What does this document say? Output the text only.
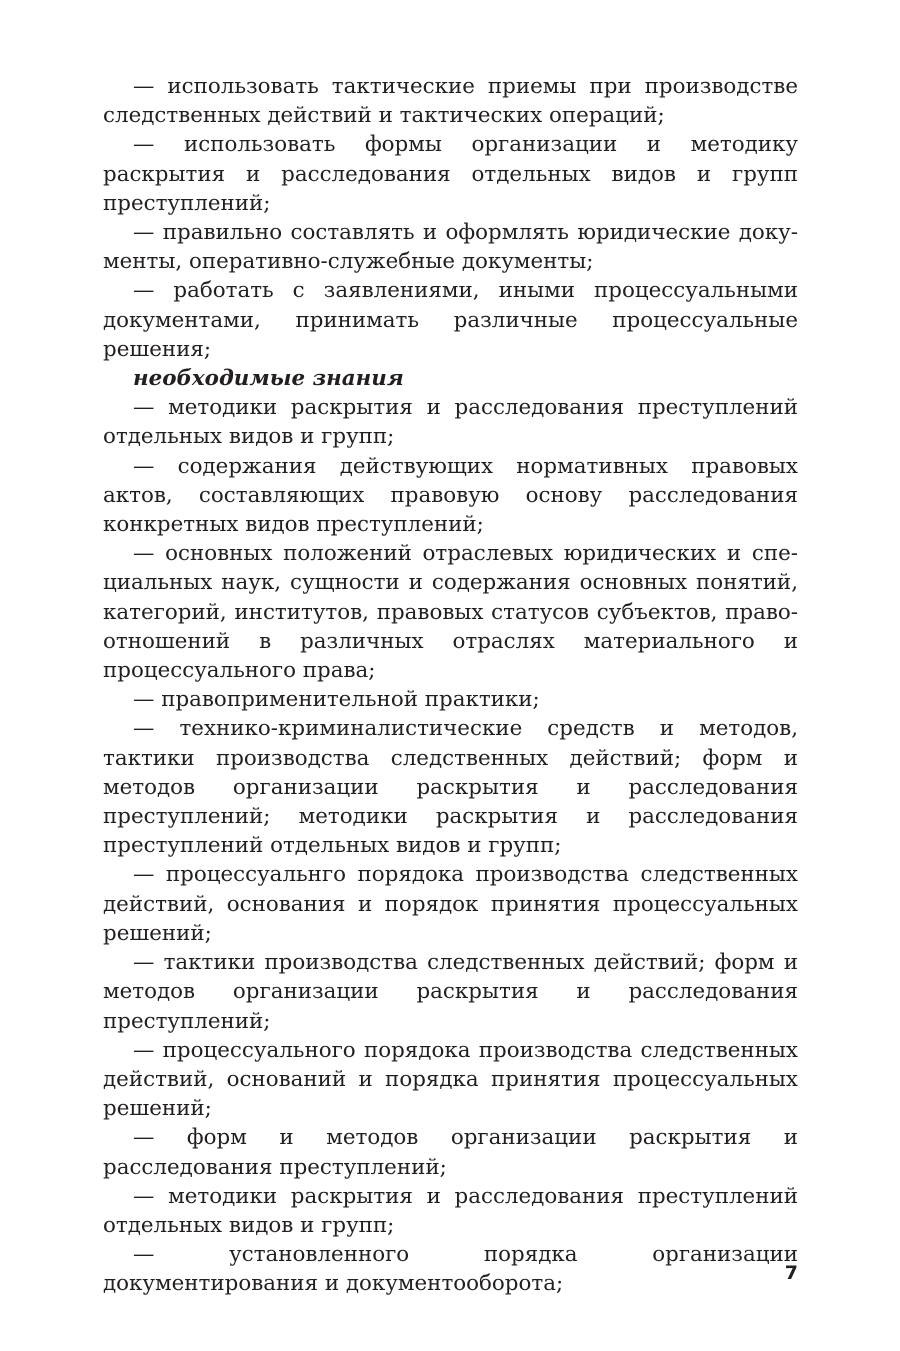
— использовать тактические приемы при производстве следственных действий и тактических операций;

— использовать формы организации и методику раскрытия и расследования отдельных видов и групп преступлений;

— правильно составлять и оформлять юридические документы, оперативно-служебные документы;

— работать с заявлениями, иными процессуальными документами, принимать различные процессуальные решения;

необходимые знания

— методики раскрытия и расследования преступлений отдельных видов и групп;

— содержания действующих нормативных правовых актов, составляющих правовую основу расследования конкретных видов преступлений;

— основных положений отраслевых юридических и специальных наук, сущности и содержания основных понятий, категорий, институтов, правовых статусов субъектов, правоотношений в различных отраслях материального и процессуального права;

— правоприменительной практики;

— технико-криминалистические средств и методов, тактики производства следственных действий; форм и методов организации раскрытия и расследования преступлений; методики раскрытия и расследования преступлений отдельных видов и групп;

— процессуальнго порядока производства следственных действий, основания и порядок принятия процессуальных решений;

— тактики производства следственных действий; форм и методов организации раскрытия и расследования преступлений;

— процессуального порядока производства следственных действий, оснований и порядка принятия процессуальных решений;

— форм и методов организации раскрытия и расследования преступлений;

— методики раскрытия и расследования преступлений отдельных видов и групп;

— установленного порядка организации документирования и документооборота;	7
